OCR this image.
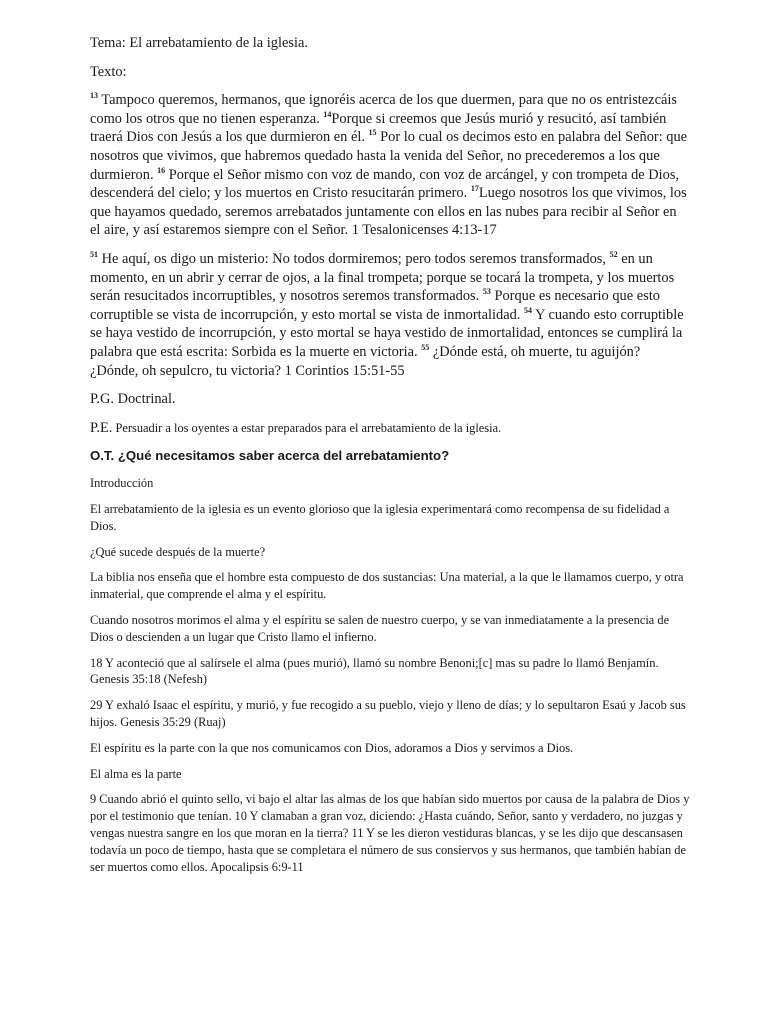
Tema: El arrebatamiento de la iglesia.

Texto:

$^{13}$ Tampoco queremos, hermanos, que ignoréis acerca de los que duermen, para que no os entristezcáis como los otros que no tienen esperanza. $^{14}$Porque si creemos que Jesús murió y resucitó, así también traerá Dios con Jesús a los que durmieron en él. $^{15}$ Por lo cual os decimos esto en palabra del Señor: que nosotros que vivimos, que habremos quedado hasta la venida del Señor, no precederemos a los que durmieron. $^{16}$ Porque el Señor mismo con voz de mando, con voz de arcángel, y con trompeta de Dios, descenderá del cielo; y los muertos en Cristo resucitarán primero. $^{17}$Luego nosotros los que vivimos, los que hayamos quedado, seremos arrebatados juntamente con ellos en las nubes para recibir al Señor en el aire, y así estaremos siempre con el Señor. 1 Tesalonicenses 4:13-17

$^{51}$ He aquí, os digo un misterio: No todos dormiremos; pero todos seremos transformados, $^{52}$ en un momento, en un abrir y cerrar de ojos, a la final trompeta; porque se tocará la trompeta, y los muertos serán resucitados incorruptibles, y nosotros seremos transformados. $^{53}$ Porque es necesario que esto corruptible se vista de incorrupción, y esto mortal se vista de inmortalidad. $^{54}$ Y cuando esto corruptible se haya vestido de incorrupción, y esto mortal se haya vestido de inmortalidad, entonces se cumplirá la palabra que está escrita: Sorbida es la muerte en victoria. $^{55}$ ¿Dónde está, oh muerte, tu aguijón? ¿Dónde, oh sepulcro, tu victoria? 1 Corintios 15:51-55

P.G. Doctrinal.

P.E. Persuadir a los oyentes a estar preparados para el arrebatamiento de la iglesia.

O.T. ¿Qué necesitamos saber acerca del arrebatamiento?

Introducción

El arrebatamiento de la iglesia es un evento glorioso que la iglesia experimentará como recompensa de su fidelidad a Dios.

¿Qué sucede después de la muerte?

La biblia nos enseña que el hombre esta compuesto de dos sustancias: Una material, a la que le llamamos cuerpo, y otra inmaterial, que comprende el alma y el espíritu.

Cuando nosotros morimos el alma y el espíritu se salen de nuestro cuerpo, y se van inmediatamente a la presencia de Dios o descienden a un lugar que Cristo llamo el infierno.

18 Y aconteció que al salírsele el alma (pues murió), llamó su nombre Benoni;[c] mas su padre lo llamó Benjamín. Genesis 35:18 (Nefesh)

29 Y exhaló Isaac el espíritu, y murió, y fue recogido a su pueblo, viejo y lleno de días; y lo sepultaron Esaú y Jacob sus hijos. Genesis 35:29 (Ruaj)

El espíritu es la parte con la que nos comunicamos con Dios, adoramos a Dios y servimos a Dios.

El alma es la parte

9 Cuando abrió el quinto sello, vi bajo el altar las almas de los que habían sido muertos por causa de la palabra de Dios y por el testimonio que tenían. 10 Y clamaban a gran voz, diciendo: ¿Hasta cuándo, Señor, santo y verdadero, no juzgas y vengas nuestra sangre en los que moran en la tierra? 11 Y se les dieron vestiduras blancas, y se les dijo que descansasen todavía un poco de tiempo, hasta que se completara el número de sus consiervos y sus hermanos, que también habían de ser muertos como ellos. Apocalipsis 6:9-11
